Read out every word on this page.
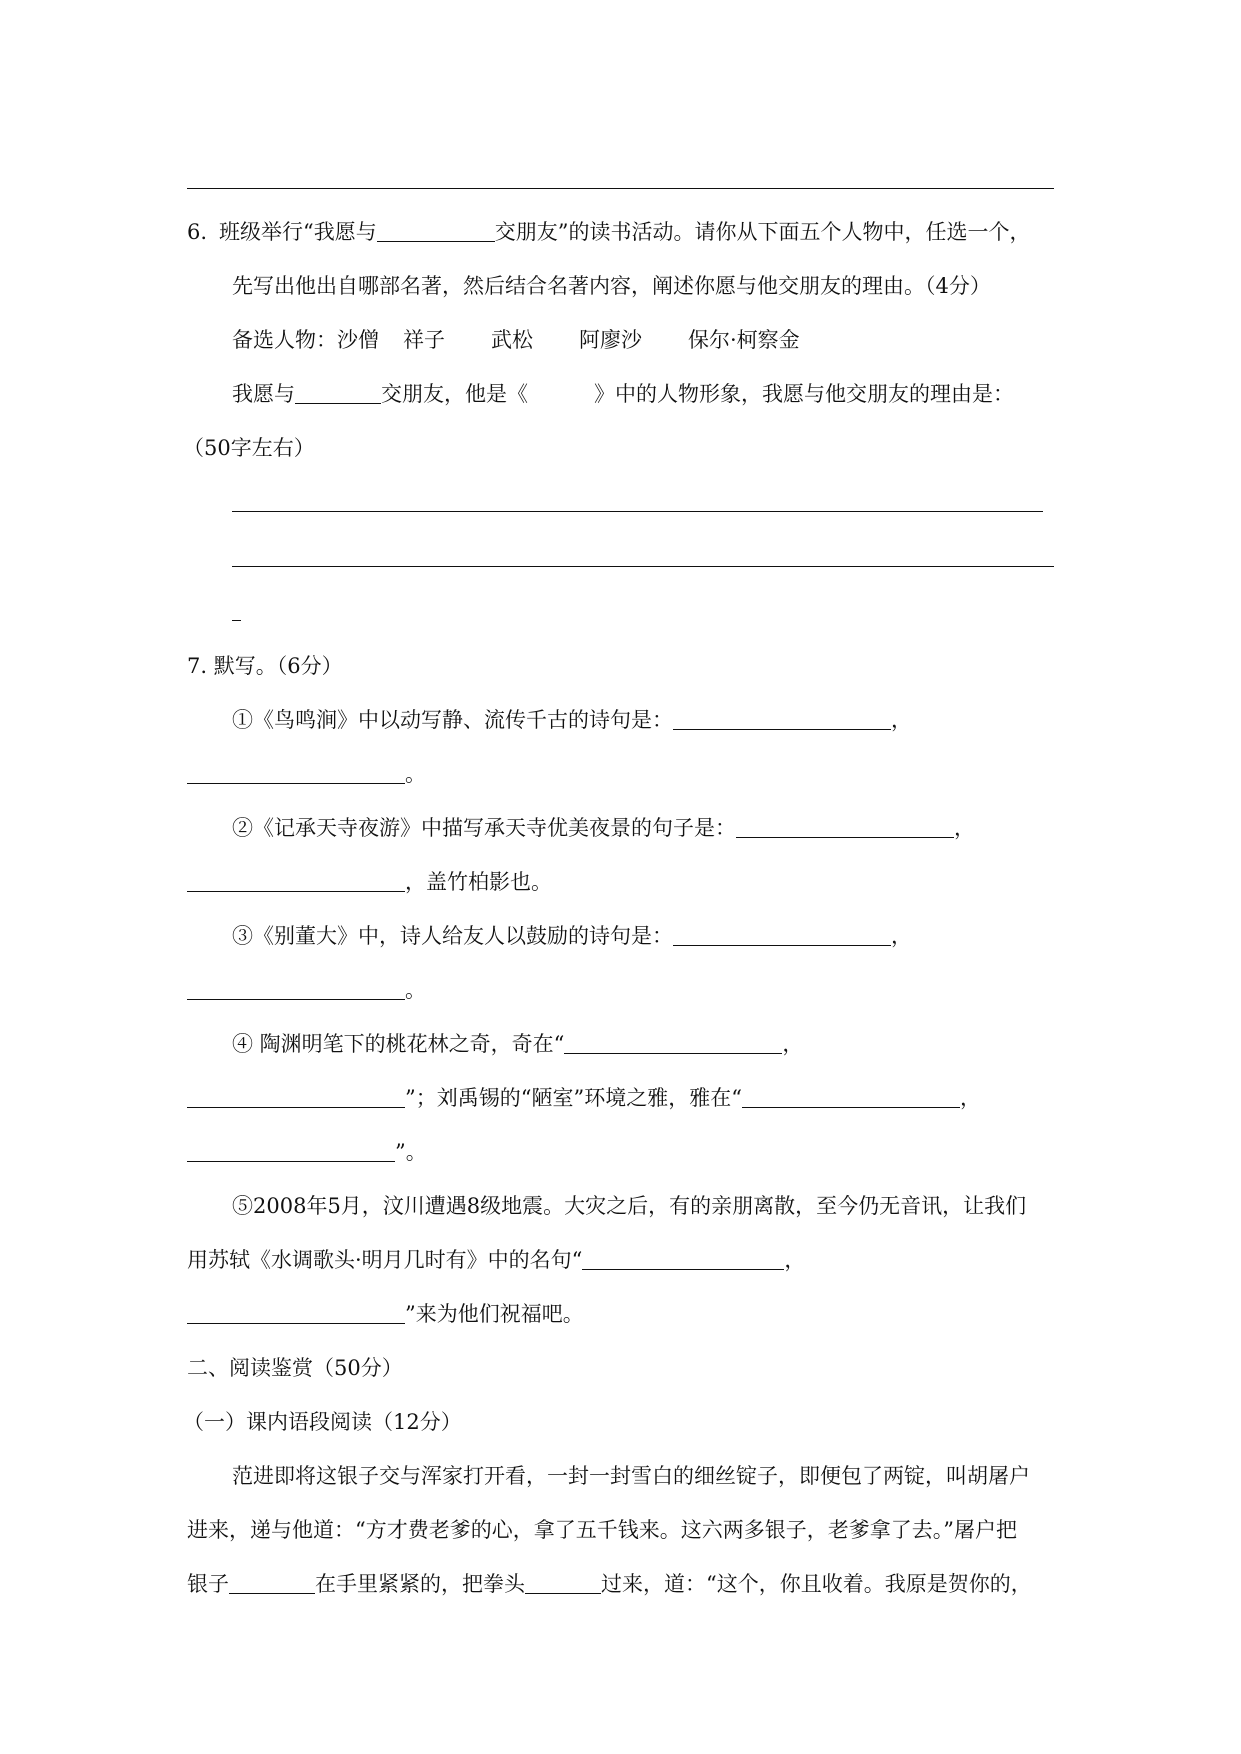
6. 班级举行“我愿与	交朋友”的读书活动。请你从下面五个人物中，任选一个，
先写出他出自哪部名著，然后结合名著内容，阐述你愿与他交朋友的理由。（4分）
备选人物：沙僧 祥子 武松 阿廖沙 保尔·柯察金
我愿与	交朋友，他是《	》中的人物形象，我愿与他交朋友的理由是：
（50字左右）
7. 默写。（6分）
①《鸟鸣涧》中以动写静、流传千古的诗句是：	，
。
②《记承天寺夜游》中描写承天寺优美夜景的句子是：	，
，盖竹柏影也。
③《别董大》中，诗人给友人以鼓励的诗句是：	，
。
④ 陶渊明笔下的桃花林之奇，奇在“	，
”；刘禹锡的“陋室”环境之雅，雅在“	，
”。
⑤2008年5月，汶川遭遇8级地震。大灾之后，有的亲朋离散，至今仍无音讯，让我们
用苏轼《水调歌头·明月几时有》中的名句“	，
”来为他们祝福吧。
二、阅读鉴赏（50分）
（一）课内语段阅读（12分）
范进即将这银子交与浑家打开看，一封一封雪白的细丝锭子，即便包了两锭，叫胡屠户
进来，递与他道：“方才费老爹的心，拿了五千钱来。这六两多银子，老爹拿了去。”屠户把
银子	在手里紧紧的，把拳头	过来，道：“这个，你且收着。我原是贺你的，
